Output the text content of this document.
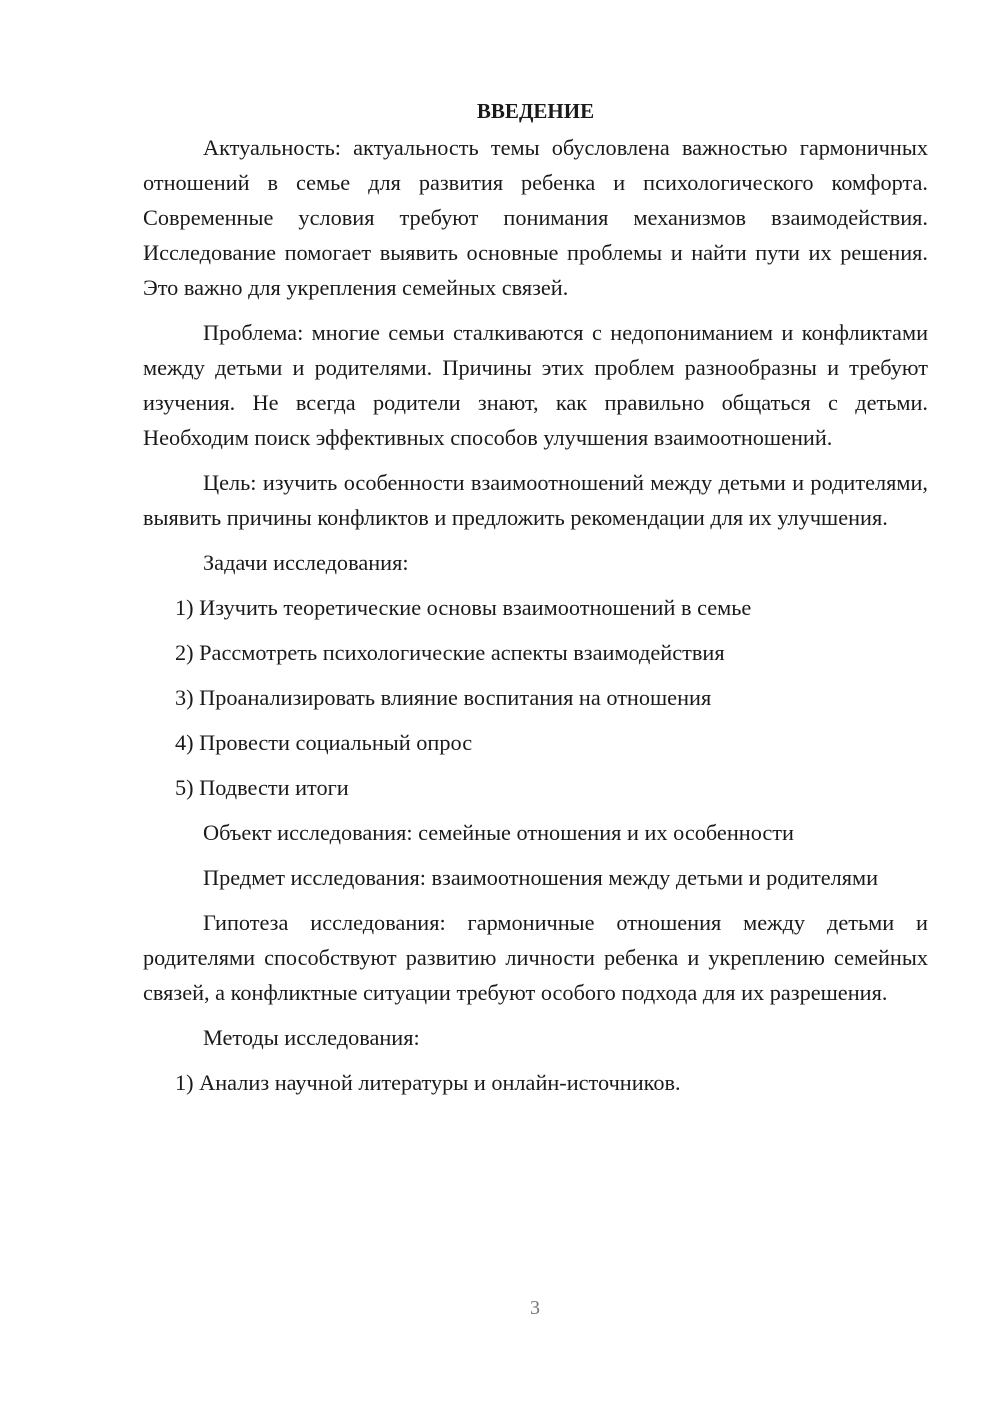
ВВЕДЕНИЕ

Актуальность: актуальность темы обусловлена важностью гармоничных отношений в семье для развития ребенка и психологического комфорта. Современные условия требуют понимания механизмов взаимодействия. Исследование помогает выявить основные проблемы и найти пути их решения. Это важно для укрепления семейных связей.

Проблема: многие семьи сталкиваются с недопониманием и конфликтами между детьми и родителями. Причины этих проблем разнообразны и требуют изучения. Не всегда родители знают, как правильно общаться с детьми. Необходим поиск эффективных способов улучшения взаимоотношений.

Цель: изучить особенности взаимоотношений между детьми и родителями, выявить причины конфликтов и предложить рекомендации для их улучшения.

Задачи исследования:

1) Изучить теоретические основы взаимоотношений в семье
2) Рассмотреть психологические аспекты взаимодействия
3) Проанализировать влияние воспитания на отношения
4) Провести социальный опрос
5) Подвести итоги

Объект исследования: семейные отношения и их особенности

Предмет исследования: взаимоотношения между детьми и родителями

Гипотеза исследования: гармоничные отношения между детьми и родителями способствуют развитию личности ребенка и укреплению семейных связей, а конфликтные ситуации требуют особого подхода для их разрешения.

Методы исследования:

1) Анализ научной литературы и онлайн-источников.
3
